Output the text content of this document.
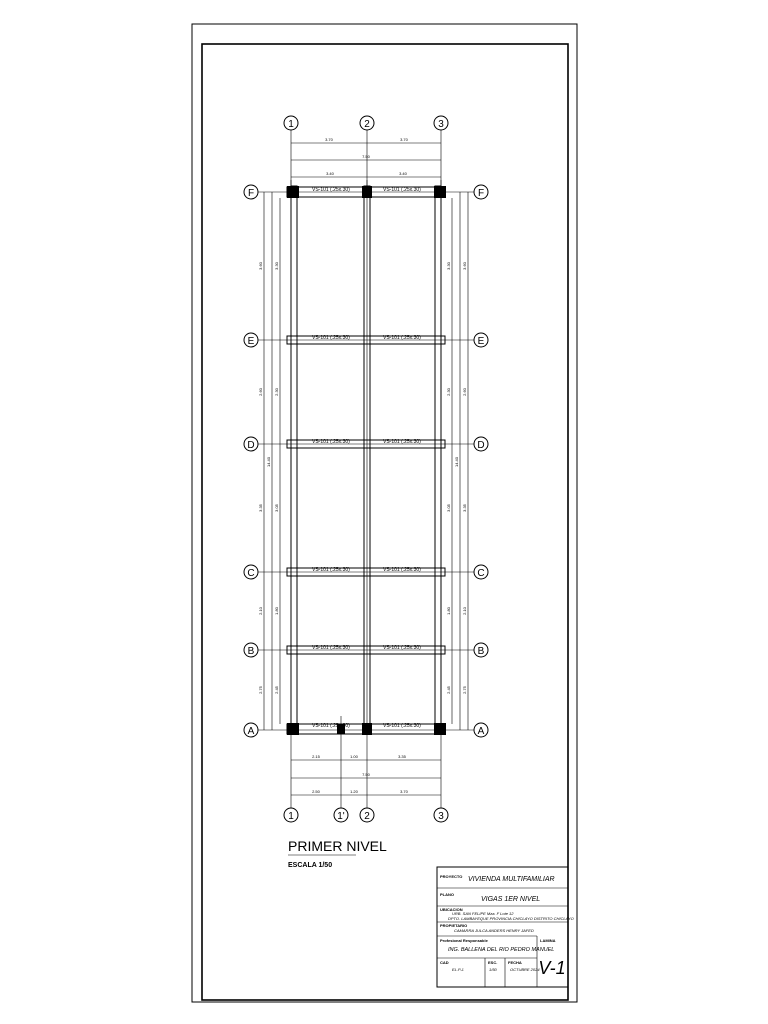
VS-101 (.25x.30)	VS-101 (.25x.30)
VS-101 (.25x.30)	VS-101 (.25x.30)
VS-101 (.25x.30)	VS-101 (.25x.30)
VS-101 (.25x.30)	VS-101 (.25x.30)
VS-101 (.25x.30)	VS-101 (.25x.30)
VS-101 (.25x.30)	VS-101 (.25x.30)
1	2	3
3.70	3.70
7.50
3.40	3.40
F
E
D
C
B
A
F
E
D
C
B
A
3.60
2.60
3.35
2.10
2.75
14.40
3.30
2.30
3.05
1.80
2.45
3.30
2.30
3.05
1.80
2.45
14.40
3.60
2.60
3.35
2.10
2.75
2.15	1.00	3.35
7.50
2.50	1.20	3.70
1	1' 2	3
PRIMER NIVEL
ESCALA 1/50
PROYECTO VIVIENDA MULTIFAMILIAR
PLANO
VIGAS 1ER NIVEL
UBICACION
URB. SAN FELIPE Mza. F Lote 12
DPTO. LAMBAYEQUE PROVINCIA CHICLAYO DISTRITO CHICLAYO
PROPIETARIO
CAMARRA JULCA ANDERS HENRY JAFED
Profesional Responsable
ING. BALLENA DEL RIO PEDRO MANUEL
LAMINA
V-1
CAD
EL.P.J.
ESC.
1/50
FECHA
OCTUBRE 2024
